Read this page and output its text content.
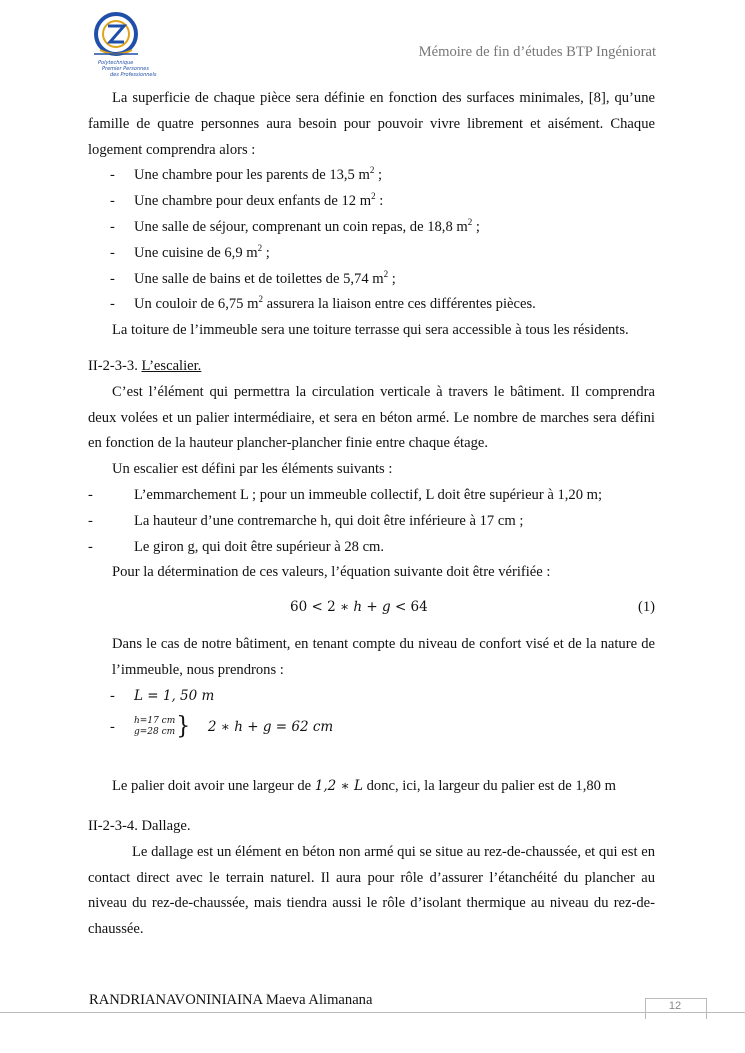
Polytechnique
Premier Personnes
des Professionnels
Mémoire de fin d’études BTP Ingéniorat

La superficie de chaque pièce sera définie en fonction des surfaces minimales, [8], qu’une famille de quatre personnes aura besoin pour pouvoir vivre librement et aisément. Chaque logement comprendra alors :

- Une chambre pour les parents de 13,5 $m^2$ ;
- Une chambre pour deux enfants de 12 $m^2$ :
- Une salle de séjour, comprenant un coin repas, de 18,8 $m^2$ ;
- Une cuisine de 6,9 $m^2$ ;
- Une salle de bains et de toilettes de 5,74 $m^2$ ;
- Un couloir de 6,75 $m^2$ assurera la liaison entre ces différentes pièces.

La toiture de l’immeuble sera une toiture terrasse qui sera accessible à tous les résidents.

II-2-3-3. L’escalier.

C’est l’élément qui permettra la circulation verticale à travers le bâtiment. Il comprendra deux volées et un palier intermédiaire, et sera en béton armé. Le nombre de marches sera défini en fonction de la hauteur plancher-plancher finie entre chaque étage.

Un escalier est défini par les éléments suivants :

-	L’emmarchement L ; pour un immeuble collectif, L doit être supérieur à 1,20 m;
-	La hauteur d’une contremarche h, qui doit être inférieure à 17 cm ;
-	Le giron g, qui doit être supérieur à 28 cm.

Pour la détermination de ces valeurs, l’équation suivante doit être vérifiée :

60 < 2 ∗ ℎ + 𝑔 < 64	(1)

Dans le cas de notre bâtiment, en tenant compte du niveau de confort visé et de la nature de l’immeuble, nous prendrons :

- 𝐿 = 1, 50 𝑚
- ℎ=17 𝑐𝑚
𝑔=28 𝑐𝑚} 2 ∗ ℎ + 𝑔 = 62 𝑐𝑚

Le palier doit avoir une largeur de 1,2 ∗ 𝐿 donc, ici, la largeur du palier est de 1,80 m

II-2-3-4. Dallage.

Le dallage est un élément en béton non armé qui se situe au rez-de-chaussée, et qui est en contact direct avec le terrain naturel. Il aura pour rôle d’assurer l’étanchéité du plancher au niveau du rez-de-chaussée, mais tiendra aussi le rôle d’isolant thermique au niveau du rez-de-chaussée.

RANDRIANAVONINIAINA Maeva Alimanana	12
